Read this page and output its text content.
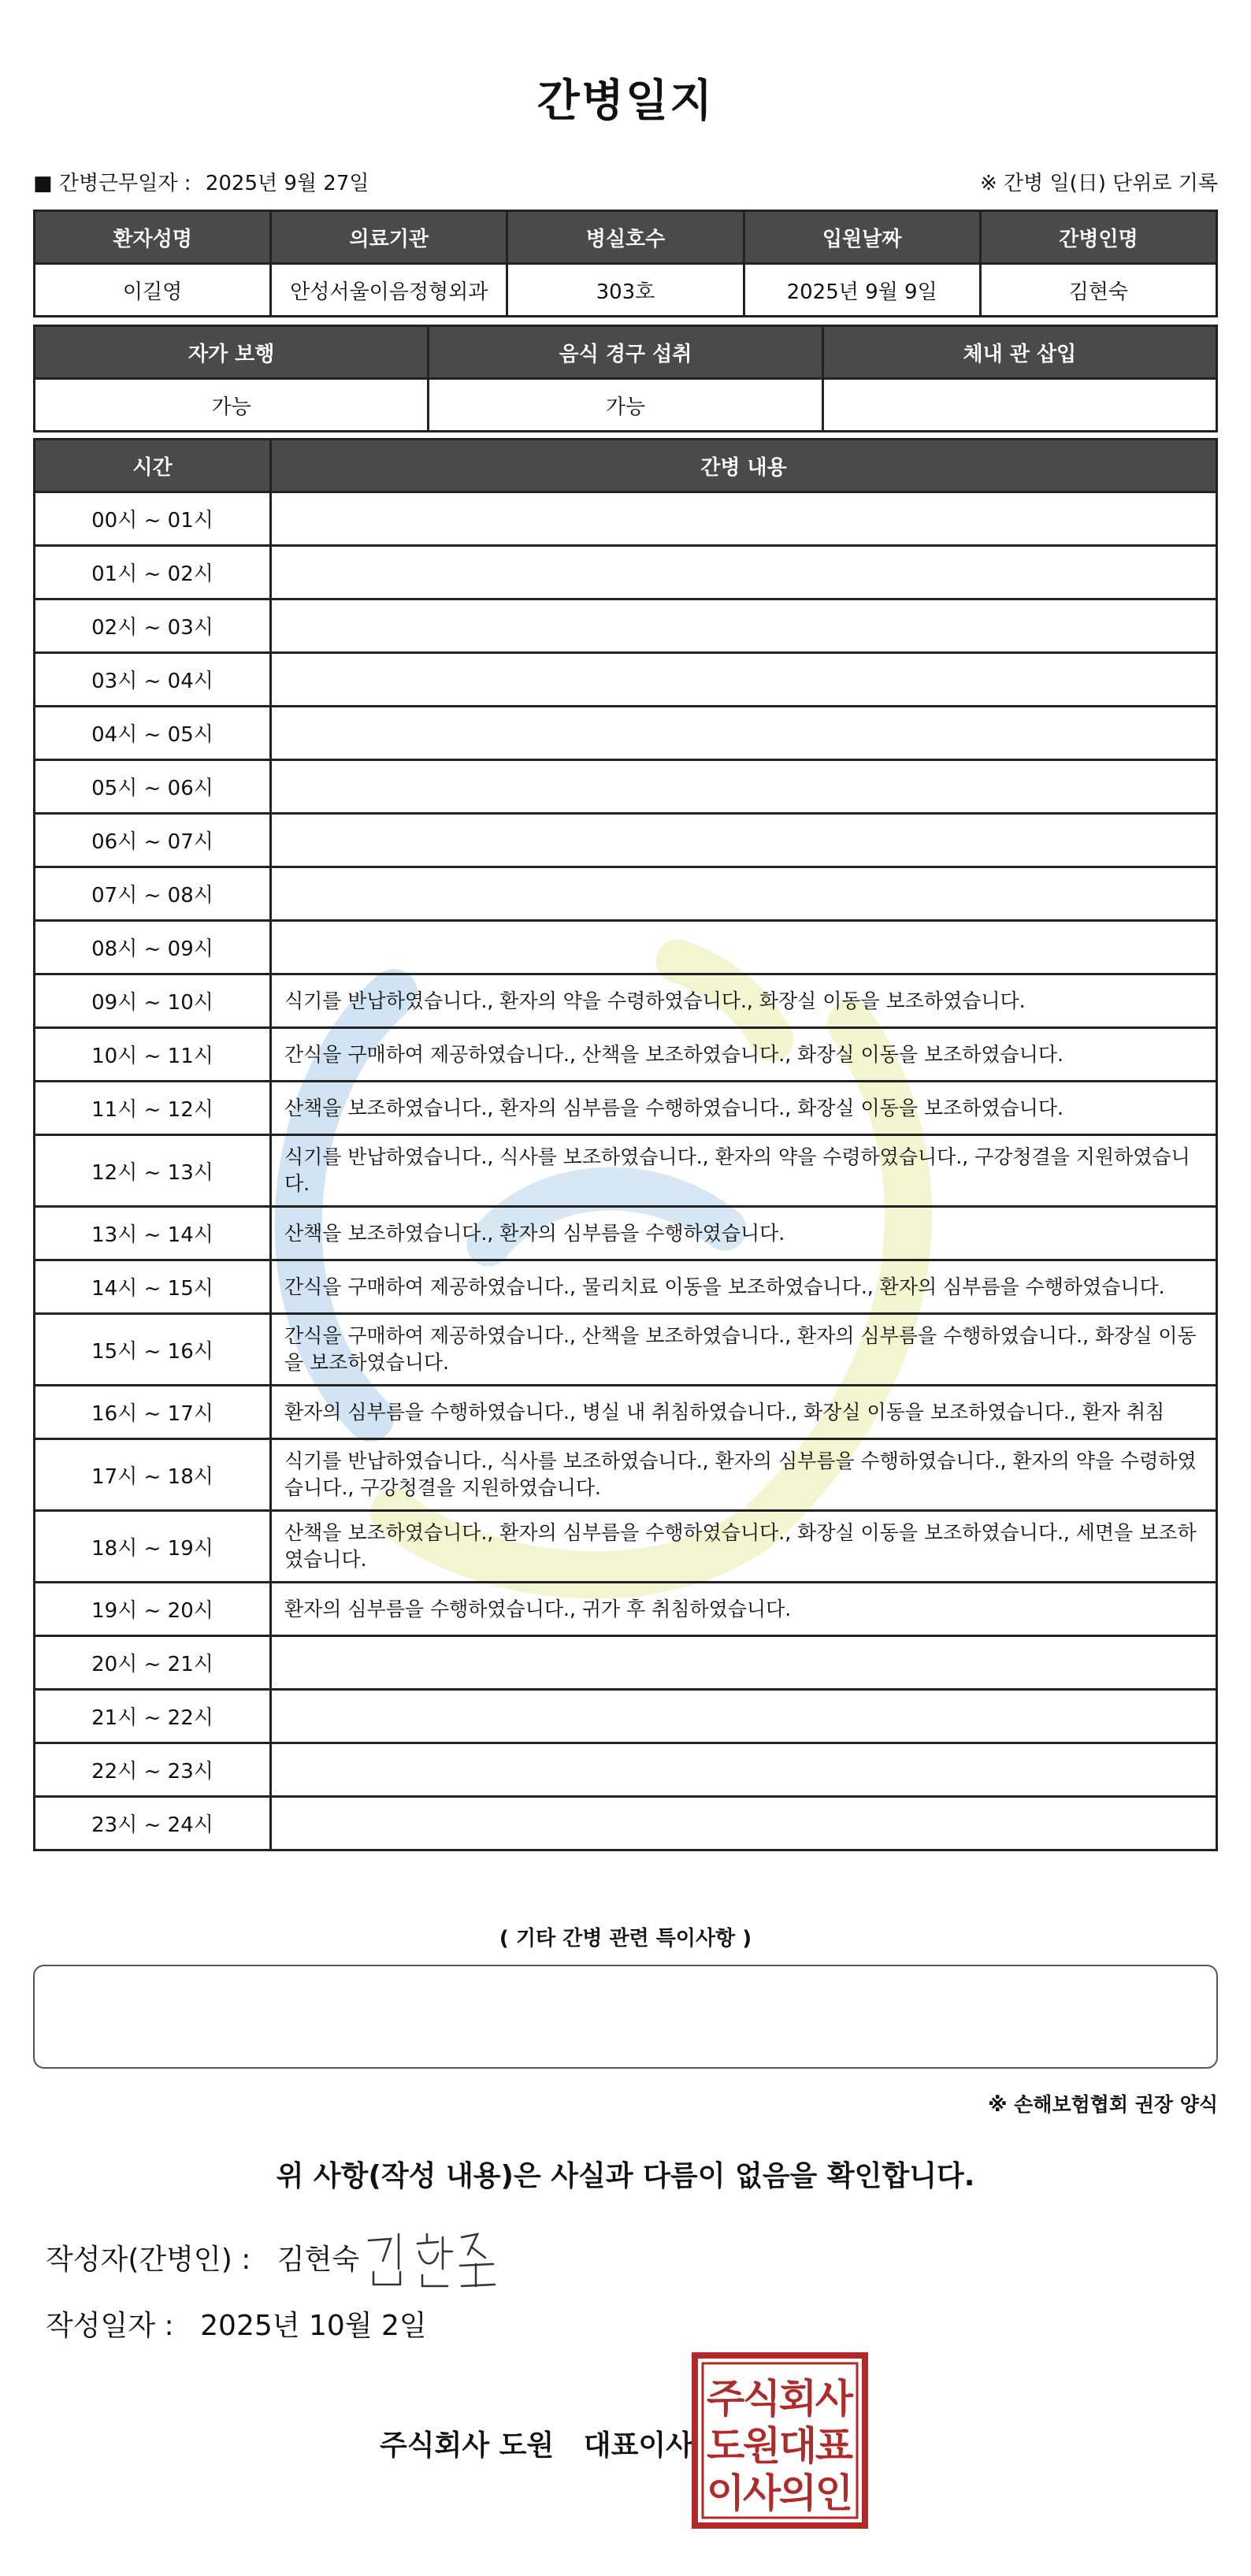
간병일지
■ 간병근무일자 : 2025년 9월 27일	※ 간병 일(日) 단위로 기록
환자성명	의료기관	병실호수	입원날짜	간병인명
이길영	안성서울이음정형외과	303호	2025년 9월 9일	김현숙
자가 보행	음식 경구 섭취	체내 관 삽입
가능	가능	
시간	간병 내용
00시 ~ 01시	
01시 ~ 02시	
02시 ~ 03시	
03시 ~ 04시	
04시 ~ 05시	
05시 ~ 06시	
06시 ~ 07시	
07시 ~ 08시	
08시 ~ 09시	
09시 ~ 10시	식기를 반납하였습니다., 환자의 약을 수령하였습니다., 화장실 이동을 보조하였습니다.
10시 ~ 11시	간식을 구매하여 제공하였습니다., 산책을 보조하였습니다., 화장실 이동을 보조하였습니다.
11시 ~ 12시	산책을 보조하였습니다., 환자의 심부름을 수행하였습니다., 화장실 이동을 보조하였습니다.
12시 ~ 13시	식기를 반납하였습니다., 식사를 보조하였습니다., 환자의 약을 수령하였습니다., 구강청결을 지원하였습니다.
13시 ~ 14시	산책을 보조하였습니다., 환자의 심부름을 수행하였습니다.
14시 ~ 15시	간식을 구매하여 제공하였습니다., 물리치료 이동을 보조하였습니다., 환자의 심부름을 수행하였습니다.
15시 ~ 16시	간식을 구매하여 제공하였습니다., 산책을 보조하였습니다., 환자의 심부름을 수행하였습니다., 화장실 이동을 보조하였습니다.
16시 ~ 17시	환자의 심부름을 수행하였습니다., 병실 내 취침하였습니다., 화장실 이동을 보조하였습니다., 환자 취침
17시 ~ 18시	식기를 반납하였습니다., 식사를 보조하였습니다., 환자의 심부름을 수행하였습니다., 환자의 약을 수령하였습니다., 구강청결을 지원하였습니다.
18시 ~ 19시	산책을 보조하였습니다., 환자의 심부름을 수행하였습니다., 화장실 이동을 보조하였습니다., 세면을 보조하였습니다.
19시 ~ 20시	환자의 심부름을 수행하였습니다., 귀가 후 취침하였습니다.
20시 ~ 21시	
21시 ~ 22시	
22시 ~ 23시	
23시 ~ 24시	
( 기타 간병 관련 특이사항 )
※ 손해보험협회 권장 양식
위 사항(작성 내용)은 사실과 다름이 없음을 확인합니다.
작성자(간병인) : 김현숙
작성일자 : 2025년 10월 2일
주식회사 도원   대표이사
주식회사
도원대표
이사의인
